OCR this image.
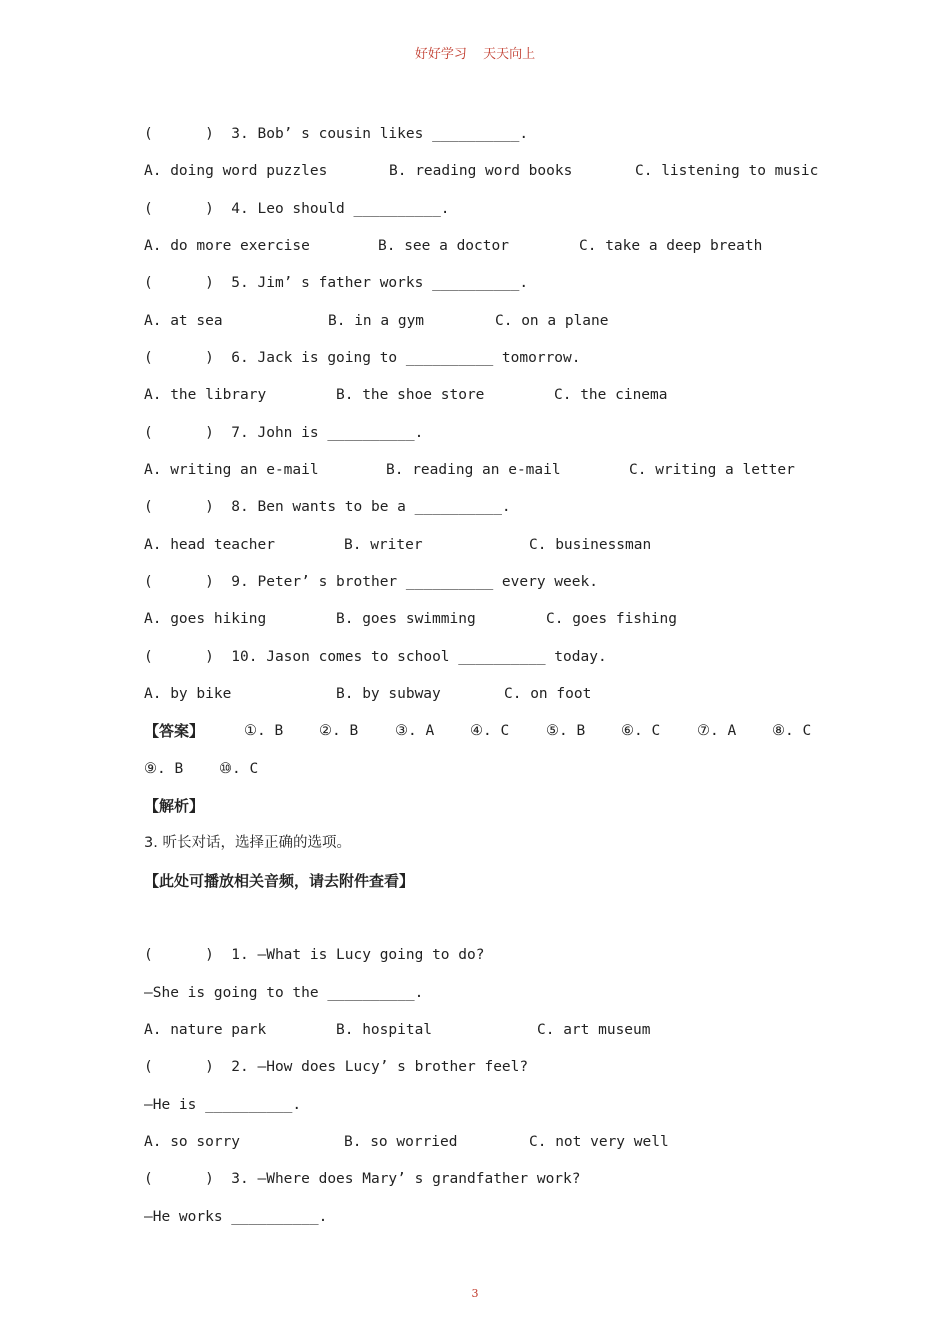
好好学习 天天向上
(      )  3. Bob’ s cousin likes __________.
A. doing word puzzles	B. reading word books	C. listening to music
(      )  4. Leo should __________.
A. do more exercise	B. see a doctor	C. take a deep breath
(      )  5. Jim’ s father works __________.
A. at sea	B. in a gym	C. on a plane
(      )  6. Jack is going to __________ tomorrow.
A. the library	B. the shoe store	C. the cinema
(      )  7. John is __________.
A. writing an e-mail	B. reading an e-mail	C. writing a letter
(      )  8. Ben wants to be a __________.
A. head teacher	B. writer	C. businessman
(      )  9. Peter’ s brother __________ every week.
A. goes hiking	B. goes swimming	C. goes fishing
(      )  10. Jason comes to school __________ today.
A. by bike	B. by subway	C. on foot
【答案】	①. B ②. B	③. A ④. C	⑤. B ⑥. C	⑦. A ⑧. C
⑨. B ⑩. C
【解析】
3. 听长对话，选择正确的选项。
【此处可播放相关音频，请去附件查看】
(      )  1. —What is Lucy going to do?
—She is going to the __________.
A. nature park	B. hospital	C. art museum
(      )  2. —How does Lucy’ s brother feel?
—He is __________.
A. so sorry	B. so worried	C. not very well
(      )  3. —Where does Mary’ s grandfather work?
—He works __________.
3
